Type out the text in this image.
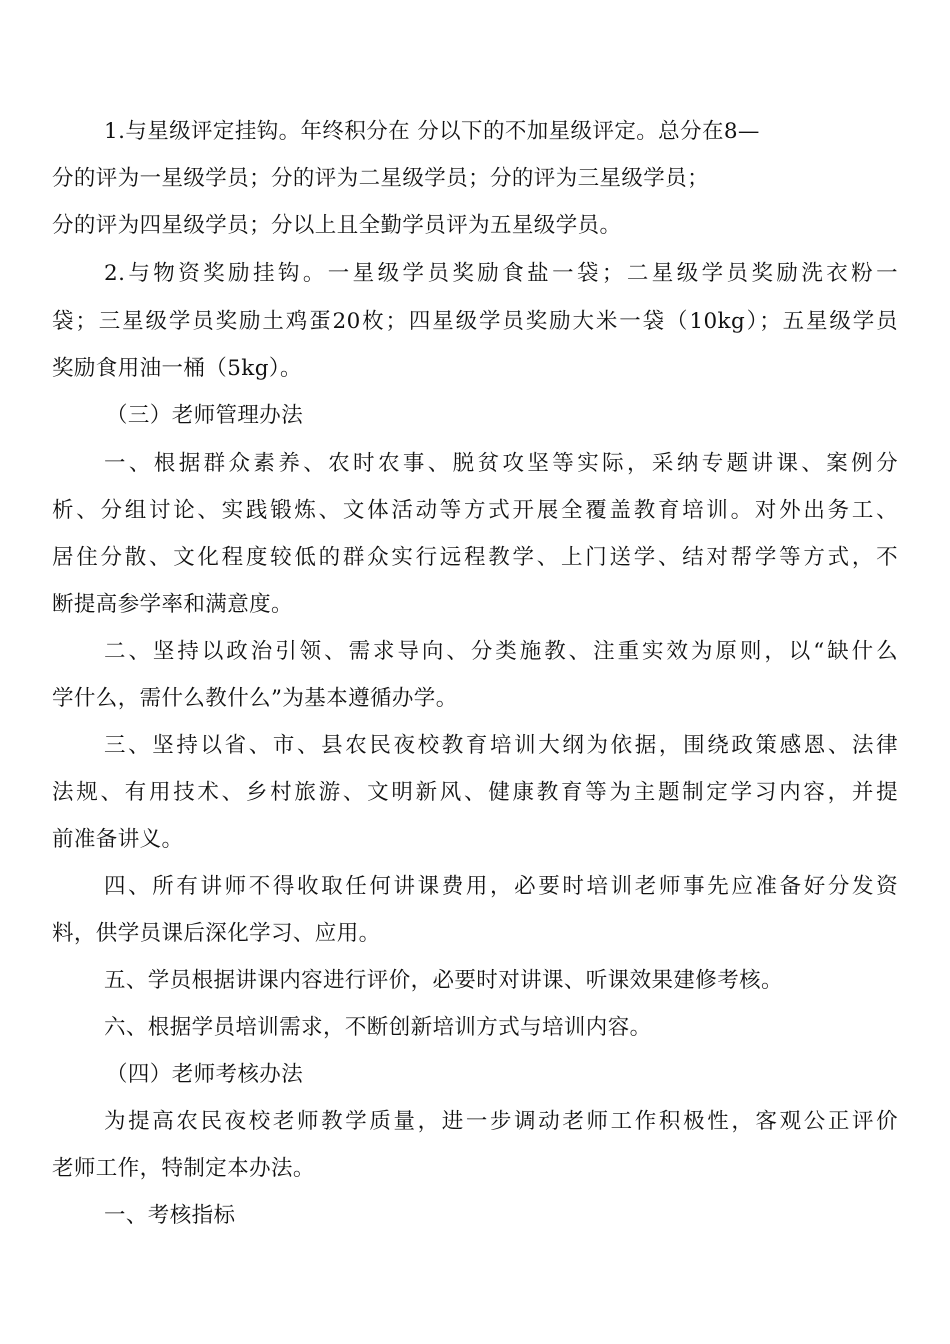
1.与星级评定挂钩。年终积分在 分以下的不加星级评定。总分在8—
分的评为一星级学员；分的评为二星级学员；分的评为三星级学员；
分的评为四星级学员；分以上且全勤学员评为五星级学员。
2.与物资奖励挂钩。一星级学员奖励食盐一袋；二星级学员奖励洗衣粉一
袋；三星级学员奖励土鸡蛋20枚；四星级学员奖励大米一袋（10kg）；五星级学员
奖励食用油一桶（5kg）。
（三）老师管理办法
一、根据群众素养、农时农事、脱贫攻坚等实际，采纳专题讲课、案例分
析、分组讨论、实践锻炼、文体活动等方式开展全覆盖教育培训。对外出务工、
居住分散、文化程度较低的群众实行远程教学、上门送学、结对帮学等方式，不
断提高参学率和满意度。
二、坚持以政治引领、需求导向、分类施教、注重实效为原则，以“缺什么
学什么，需什么教什么”为基本遵循办学。
三、坚持以省、市、县农民夜校教育培训大纲为依据，围绕政策感恩、法律
法规、有用技术、乡村旅游、文明新风、健康教育等为主题制定学习内容，并提
前准备讲义。
四、所有讲师不得收取任何讲课费用，必要时培训老师事先应准备好分发资
料，供学员课后深化学习、应用。
五、学员根据讲课内容进行评价，必要时对讲课、听课效果建修考核。
六、根据学员培训需求，不断创新培训方式与培训内容。
（四）老师考核办法
为提高农民夜校老师教学质量，进一步调动老师工作积极性，客观公正评价
老师工作，特制定本办法。
一、考核指标
